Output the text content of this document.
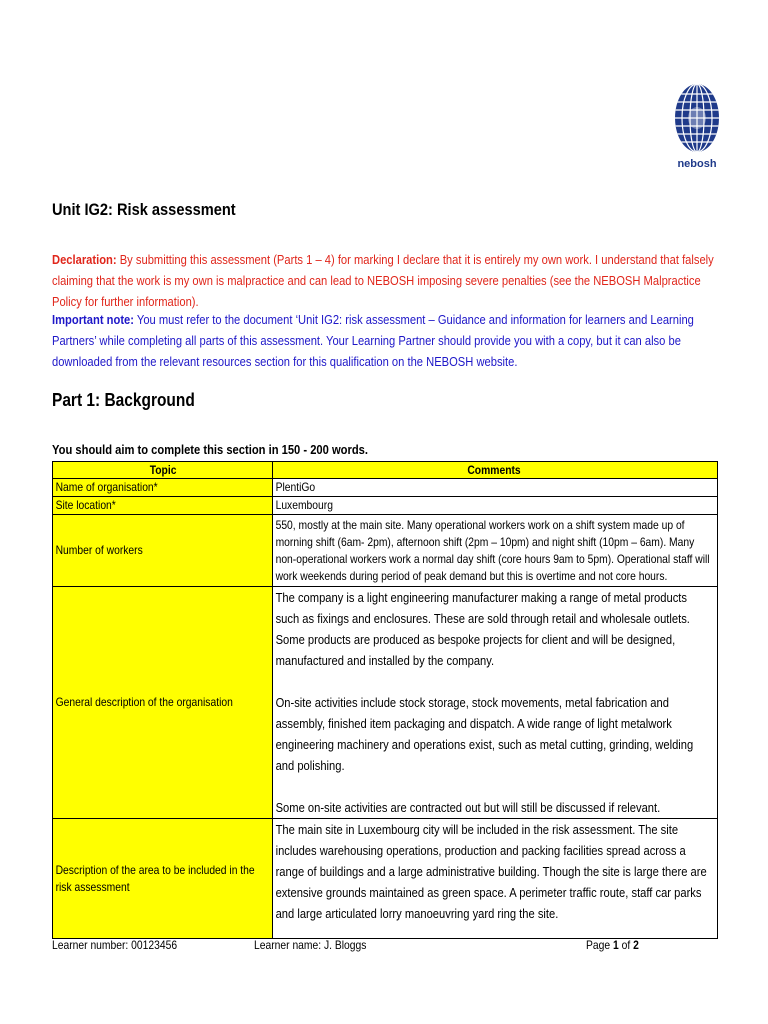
nebosh
Unit IG2: Risk assessment
Declaration: By submitting this assessment (Parts 1 – 4) for marking I declare that it is entirely my own work. I understand that falsely claiming that the work is my own is malpractice and can lead to NEBOSH imposing severe penalties (see the NEBOSH Malpractice Policy for further information).
Important note: You must refer to the document ‘Unit IG2: risk assessment – Guidance and information for learners and Learning Partners’ while completing all parts of this assessment. Your Learning Partner should provide you with a copy, but it can also be downloaded from the relevant resources section for this qualification on the NEBOSH website.
Part 1: Background
You should aim to complete this section in 150 - 200 words.
Topic	Comments

Name of organisation*	PlentiGo

Site location*	Luxembourg

Number of workers	550, mostly at the main site. Many operational workers work on a shift system made up of morning shift (6am- 2pm), afternoon shift (2pm – 10pm) and night shift (10pm – 6am). Many non-operational workers work a normal day shift (core hours 9am to 5pm). Operational staff will work weekends during period of peak demand but this is overtime and not core hours.

General description of the organisation	The company is a light engineering manufacturer making a range of metal products such as fixings and enclosures. These are sold through retail and wholesale outlets. Some products are produced as bespoke projects for client and will be designed, manufactured and installed by the company.
On-site activities include stock storage, stock movements, metal fabrication and assembly, finished item packaging and dispatch. A wide range of light metalwork engineering machinery and operations exist, such as metal cutting, grinding, welding and polishing.
Some on-site activities are contracted out but will still be discussed if relevant.

Description of the area to be included in the risk assessment	The main site in Luxembourg city will be included in the risk assessment. The site includes warehousing operations, production and packing facilities spread across a range of buildings and a large administrative building. Though the site is large there are extensive grounds maintained as green space. A perimeter traffic route, staff car parks and large articulated lorry manoeuvring yard ring the site.
Learner number: 00123456	Learner name: J. Bloggs	Page 1 of 2
